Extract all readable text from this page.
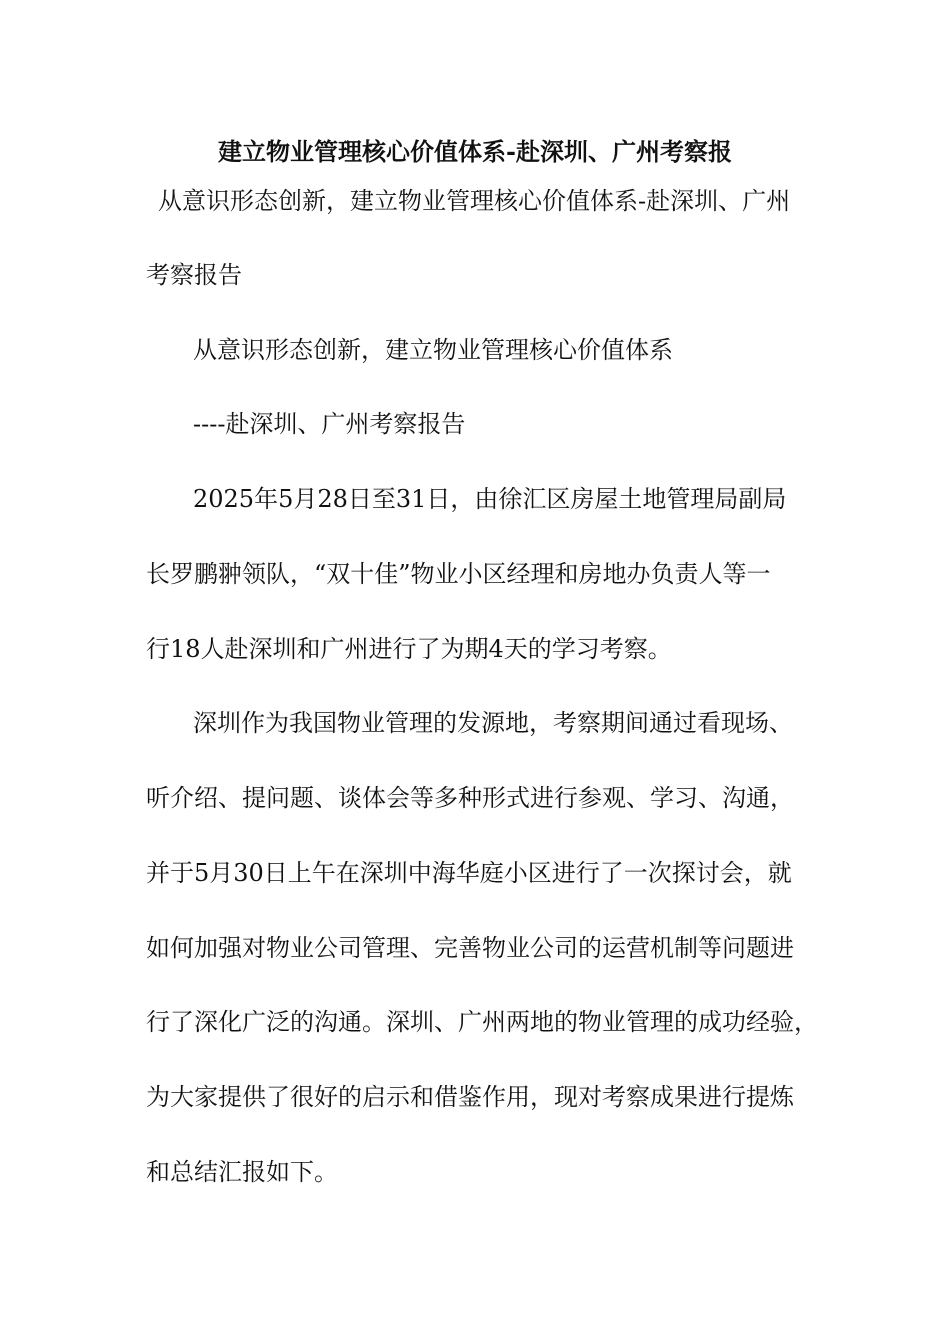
建立物业管理核心价值体系-赴深圳、广州考察报
从意识形态创新，建立物业管理核心价值体系-赴深圳、广州
考察报告
从意识形态创新，建立物业管理核心价值体系
----赴深圳、广州考察报告
2025年5月28日至31日，由徐汇区房屋土地管理局副局
长罗鹏翀领队，“双十佳”物业小区经理和房地办负责人等一
行18人赴深圳和广州进行了为期4天的学习考察。
深圳作为我国物业管理的发源地，考察期间通过看现场、
听介绍、提问题、谈体会等多种形式进行参观、学习、沟通，
并于5月30日上午在深圳中海华庭小区进行了一次探讨会，就
如何加强对物业公司管理、完善物业公司的运营机制等问题进
行了深化广泛的沟通。深圳、广州两地的物业管理的成功经验，
为大家提供了很好的启示和借鉴作用，现对考察成果进行提炼
和总结汇报如下。
